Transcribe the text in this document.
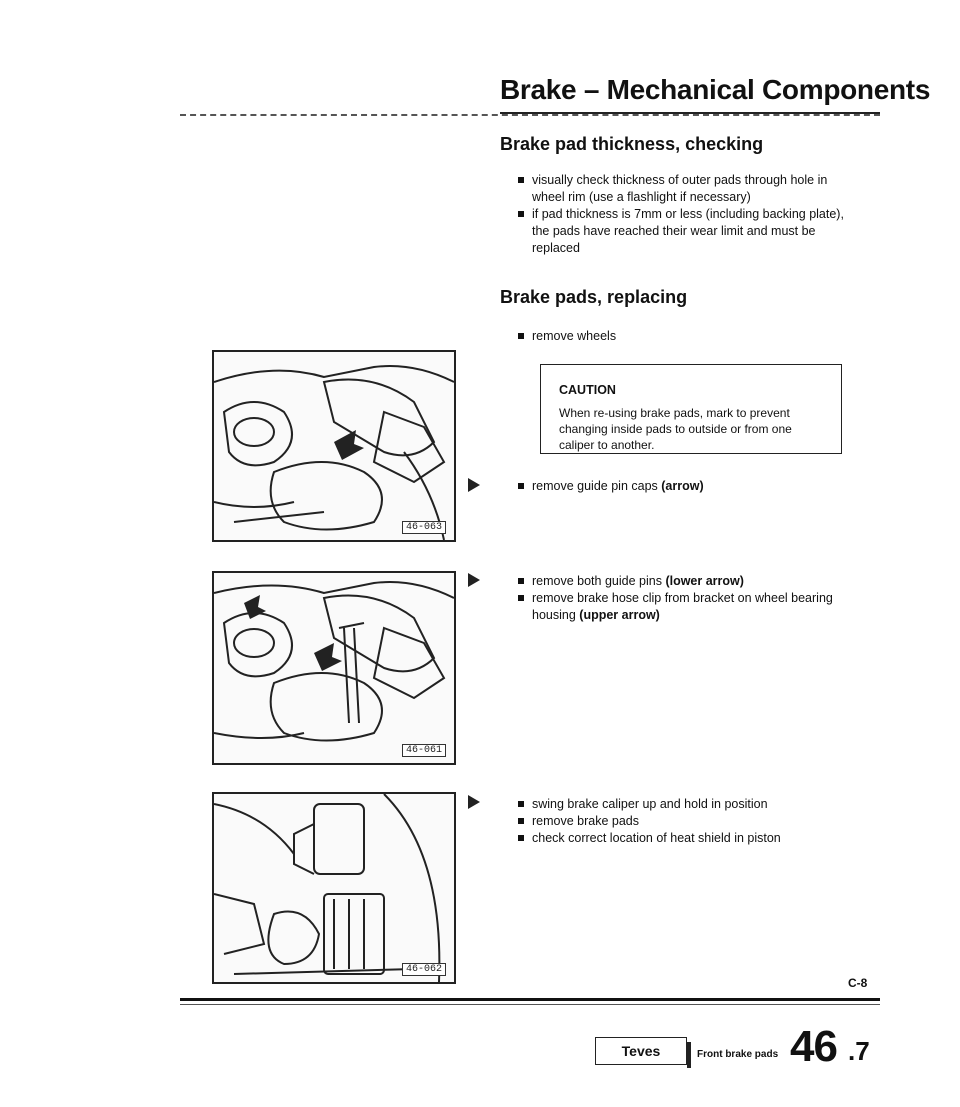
Brake – Mechanical Components
Brake pad thickness, checking
visually check thickness of outer pads through hole in wheel rim (use a flashlight if necessary)
if pad thickness is 7mm or less (including backing plate), the pads have reached their wear limit and must be replaced
Brake pads, replacing
remove wheels
CAUTION
When re-using brake pads, mark to prevent changing inside pads to outside or from one caliper to another.
remove guide pin caps (arrow)
remove both guide pins (lower arrow)
remove brake hose clip from bracket on wheel bearing housing (upper arrow)
swing brake caliper up and hold in position
remove brake pads
check correct location of heat shield in piston
46-063
46-061
46-062
C-8
Teves	Front brake pads 46 .7
